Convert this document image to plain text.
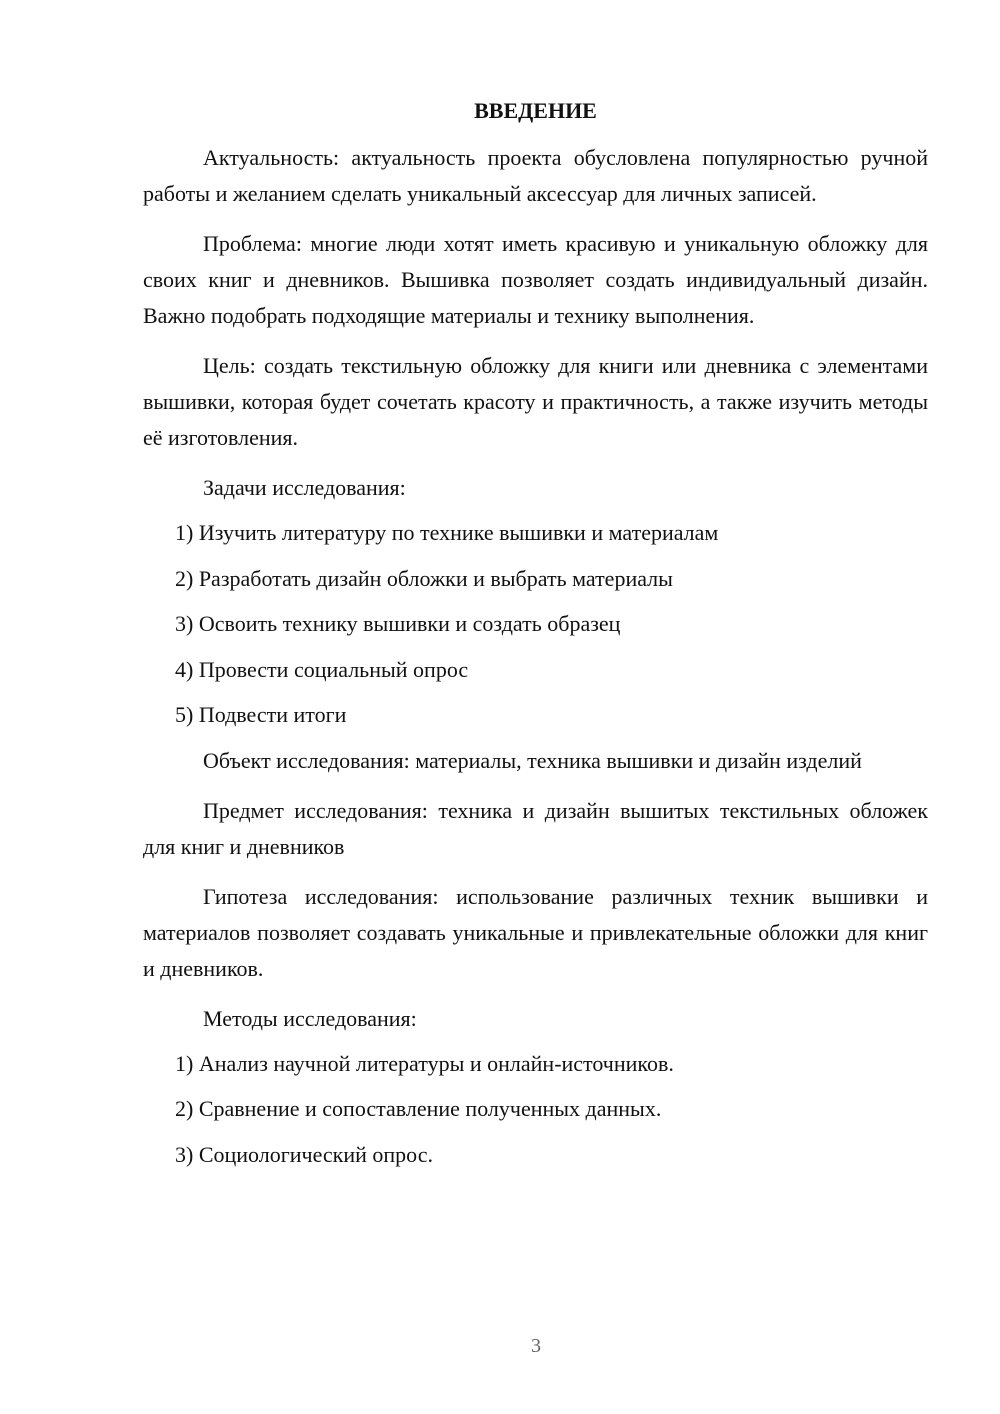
ВВЕДЕНИЕ

Актуальность: актуальность проекта обусловлена популярностью ручной работы и желанием сделать уникальный аксессуар для личных записей.

Проблема: многие люди хотят иметь красивую и уникальную обложку для своих книг и дневников. Вышивка позволяет создать индивидуальный дизайн. Важно подобрать подходящие материалы и технику выполнения.

Цель: создать текстильную обложку для книги или дневника с элементами вышивки, которая будет сочетать красоту и практичность, а также изучить методы её изготовления.

Задачи исследования:

1) Изучить литературу по технике вышивки и материалам
2) Разработать дизайн обложки и выбрать материалы
3) Освоить технику вышивки и создать образец
4) Провести социальный опрос
5) Подвести итоги

Объект исследования: материалы, техника вышивки и дизайн изделий

Предмет исследования: техника и дизайн вышитых текстильных обложек для книг и дневников

Гипотеза исследования: использование различных техник вышивки и материалов позволяет создавать уникальные и привлекательные обложки для книг и дневников.

Методы исследования:

1) Анализ научной литературы и онлайн-источников.
2) Сравнение и сопоставление полученных данных.
3) Социологический опрос.
3
